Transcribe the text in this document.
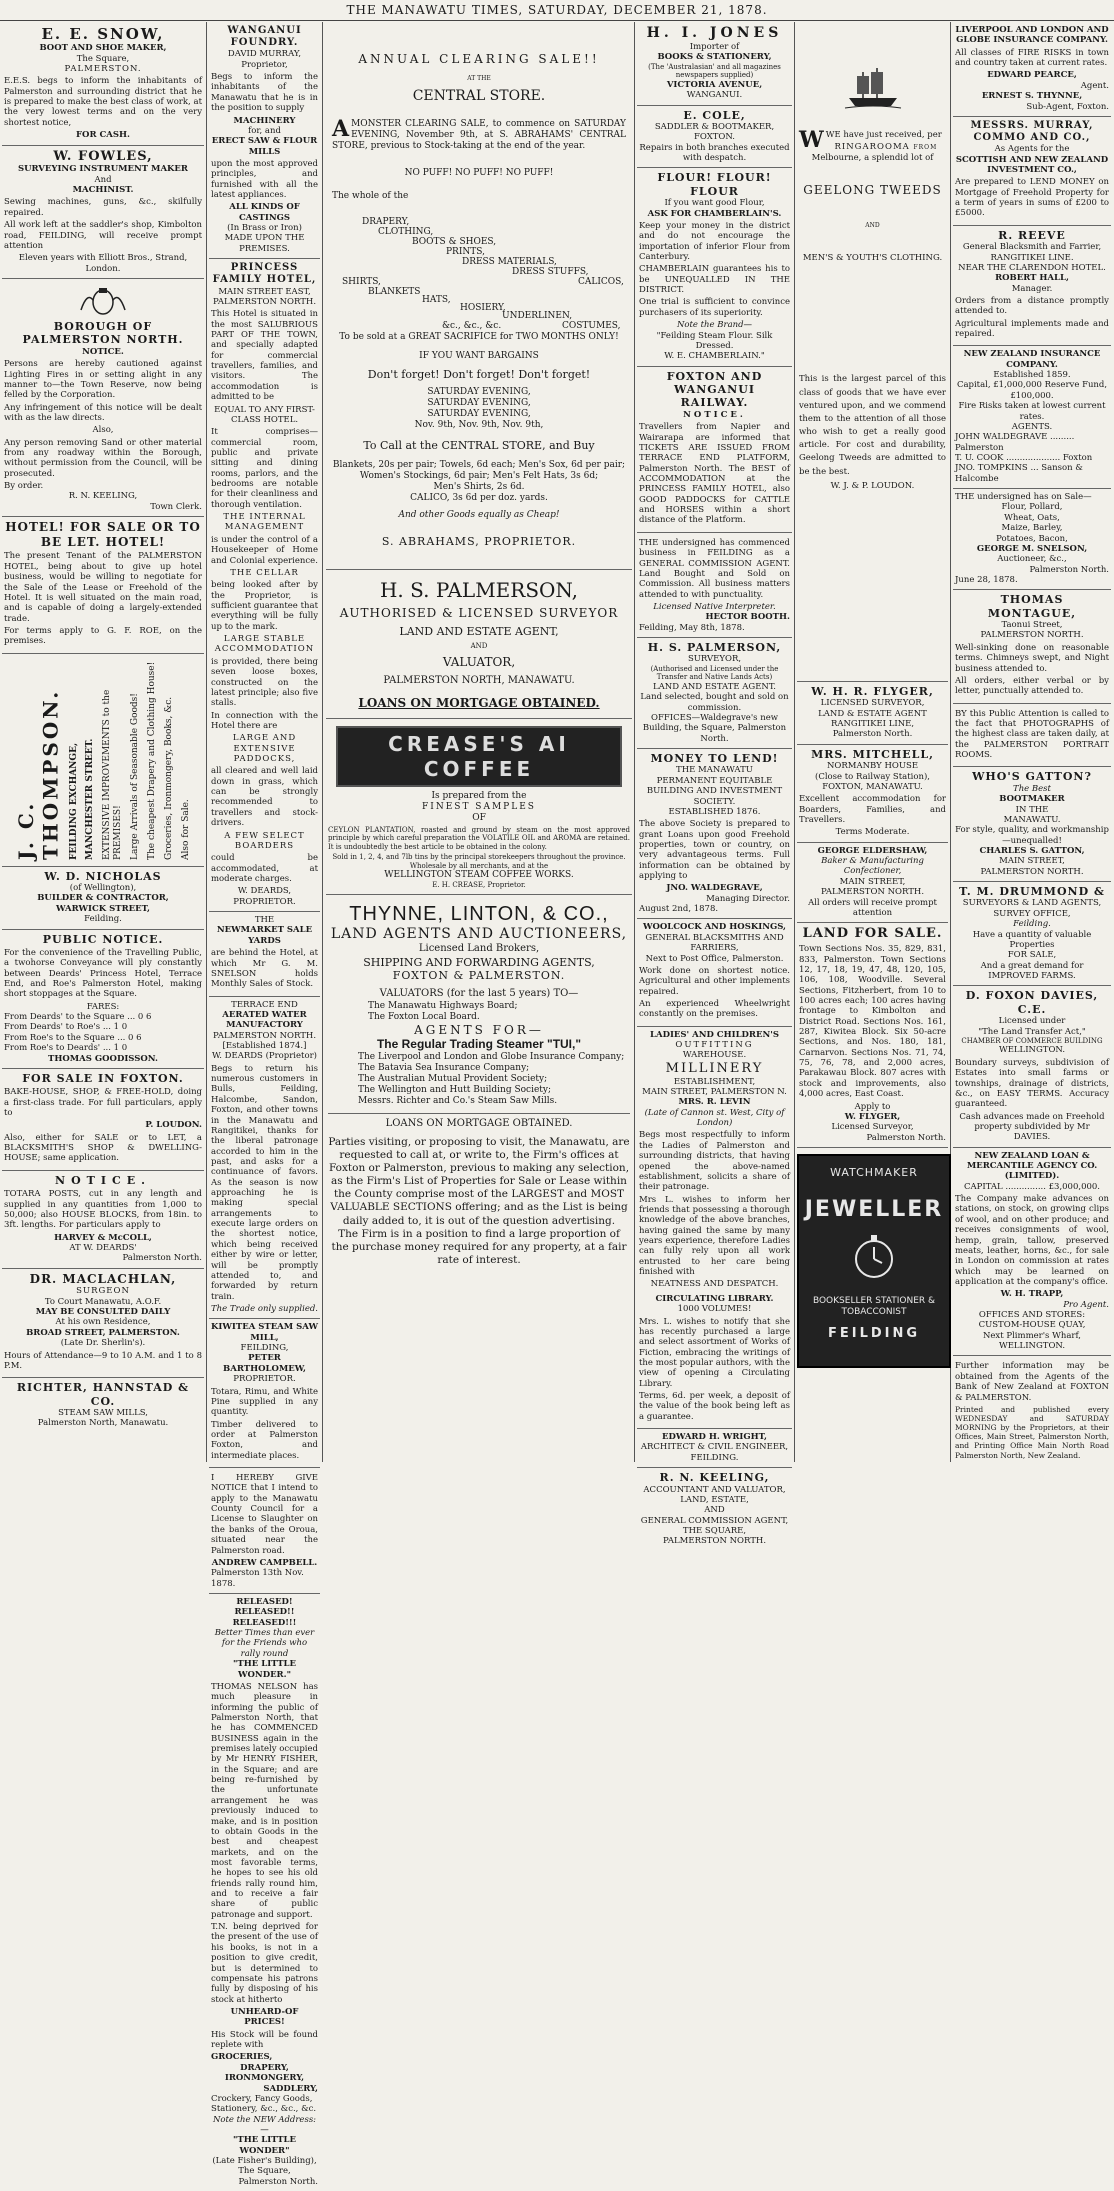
THE MANAWATU TIMES, SATURDAY, DECEMBER 21, 1878.
E. E. SNOW,
BOOT AND SHOE MAKER,
The Square,
PALMERSTON.
E.E.S. begs to inform the inhabitants of Palmerston and surrounding district that he is prepared to make the best class of work, at the very lowest terms and on the very shortest notice,
FOR CASH.
W. FOWLES,
SURVEYING INSTRUMENT MAKER
And
MACHINIST.
Sewing machines, guns, &c., skilfully repaired.
All work left at the saddler's shop, Kimbolton road, FEILDING, will receive prompt attention
Eleven years with Elliott Bros., Strand, London.
BOROUGH OF PALMERSTON NORTH.
NOTICE.
Persons are hereby cautioned against Lighting Fires in or setting alight in any manner to—the Town Reserve, now being felled by the Corporation.
Any infringement of this notice will be dealt with as the law directs.
Also,
Any person removing Sand or other material from any roadway within the Borough, without permission from the Council, will be prosecuted.
By order.
R. N. KEELING,
Town Clerk.
HOTEL! FOR SALE OR TO BE LET. HOTEL!
The present Tenant of the PALMERSTON HOTEL, being about to give up hotel business, would be willing to negotiate for the Sale of the Lease or Freehold of the Hotel. It is well situated on the main road, and is capable of doing a largely-extended trade.
For terms apply to G. F. ROE, on the premises.
J. C. THOMPSON. FEILDING EXCHANGE, MANCHESTER STREET. EXTENSIVE IMPROVEMENTS to the PREMISES! Large Arrivals of Seasonable Goods! The cheapest Drapery and Clothing House! Groceries, Ironmongery, Books, &c. Also for Sale.
W. D. NICHOLAS
(of Wellington),
BUILDER & CONTRACTOR,
WARWICK STREET,
Feilding.
PUBLIC NOTICE.
For the convenience of the Travelling Public, a twohorse Conveyance will ply constantly between Deards' Princess Hotel, Terrace End, and Roe's Palmerston Hotel, making short stoppages at the Square.
FARES:
From Deards' to the Square ... 0 6
From Deards' to Roe's ... 1 0
From Roe's to the Square ... 0 6
From Roe's to Deards' ... 1 0
THOMAS GOODISSON.
FOR SALE IN FOXTON.
BAKE-HOUSE, SHOP, & FREE-HOLD, doing a first-class trade. For full particulars, apply to
P. LOUDON.
Also, either for SALE or to LET, a BLACKSMITH'S SHOP & DWELLING-HOUSE; same application.
NOTICE.
TOTARA POSTS, cut in any length and supplied in any quantities from 1,000 to 50,000; also HOUSE BLOCKS, from 18in. to 3ft. lengths. For particulars apply to
HARVEY & McCOLL,
AT W. DEARDS'
Palmerston North.
DR. MACLACHLAN,
SURGEON
To Court Manawatu, A.O.F.
MAY BE CONSULTED DAILY
At his own Residence,
BROAD STREET, PALMERSTON.
(Late Dr. Sherlin's).
Hours of Attendance—9 to 10 A.M. and 1 to 8 P.M.
RICHTER, HANNSTAD & CO.
STEAM SAW MILLS,
Palmerston North, Manawatu.
WANGANUI FOUNDRY.
DAVID MURRAY,
Proprietor,
Begs to inform the inhabitants of the Manawatu that he is in the position to supply
MACHINERY
for, and
ERECT SAW & FLOUR MILLS
upon the most approved principles, and furnished with all the latest appliances.
ALL KINDS OF CASTINGS
(In Brass or Iron)
MADE UPON THE PREMISES.
PRINCESS FAMILY HOTEL,
MAIN STREET EAST,
PALMERSTON NORTH.
This Hotel is situated in the most SALUBRIOUS PART OF THE TOWN, and specially adapted for commercial travellers, families, and visitors. The accommodation is admitted to be
EQUAL TO ANY FIRST-CLASS HOTEL.
It comprises—commercial room, public and private sitting and dining rooms, parlors, and the bedrooms are notable for their cleanliness and thorough ventilation.
THE INTERNAL MANAGEMENT
is under the control of a Housekeeper of Home and Colonial experience.
THE CELLAR
being looked after by the Proprietor, is sufficient guarantee that everything will be fully up to the mark.
LARGE STABLE ACCOMMODATION
is provided, there being seven loose boxes, constructed on the latest principle; also five stalls.
In connection with the Hotel there are
LARGE AND EXTENSIVE PADDOCKS,
all cleared and well laid down in grass, which can be strongly recommended to travellers and stock-drivers.
A FEW SELECT BOARDERS
could be accommodated, at moderate charges.
W. DEARDS, PROPRIETOR.
THE
NEWMARKET SALE YARDS
are behind the Hotel, at which Mr G. M. SNELSON holds Monthly Sales of Stock.
TERRACE END
AERATED WATER MANUFACTORY
PALMERSTON NORTH.
[Established 1874.]
W. DEARDS (Proprietor)
Begs to return his numerous customers in Bulls, Feilding, Halcombe, Sandon, Foxton, and other towns in the Manawatu and Rangitikei, thanks for the liberal patronage accorded to him in the past, and asks for a continuance of favors. As the season is now approaching he is making special arrangements to execute large orders on the shortest notice, which being received either by wire or letter, will be promptly attended to, and forwarded by return train.
The Trade only supplied.
KIWITEA STEAM SAW MILL,
FEILDING,
PETER BARTHOLOMEW,
PROPRIETOR.
Totara, Rimu, and White Pine supplied in any quantity.
Timber delivered to order at Palmerston Foxton, and intermediate places.
I HEREBY GIVE NOTICE that I intend to apply to the Manawatu County Council for a License to Slaughter on the banks of the Oroua, situated near the Palmerston road.
ANDREW CAMPBELL.
Palmerston 13th Nov. 1878.
RELEASED! RELEASED!! RELEASED!!!
Better Times than ever for the Friends who rally round
"THE LITTLE WONDER."
THOMAS NELSON has much pleasure in informing the public of Palmerston North, that he has COMMENCED BUSINESS again in the premises lately occupied by Mr HENRY FISHER, in the Square; and are being re-furnished by the unfortunate arrangement he was previously induced to make, and is in position to obtain Goods in the best and cheapest markets, and on the most favorable terms, he hopes to see his old friends rally round him, and to receive a fair share of public patronage and support.
T.N. being deprived for the present of the use of his books, is not in a position to give credit, but is determined to compensate his patrons fully by disposing of his stock at hitherto
UNHEARD-OF PRICES!
His Stock will be found replete with
GROCERIES,
DRAPERY,
IRONMONGERY,
SADDLERY,
Crockery, Fancy Goods, Stationery, &c., &c., &c.
Note the NEW Address:—
"THE LITTLE WONDER"
(Late Fisher's Building),
The Square,
Palmerston North.
ANNUAL CLEARING SALE!!
AT THE
CENTRAL STORE.
AMONSTER CLEARING SALE, to commence on SATURDAY EVENING, November 9th, at S. ABRAHAMS' CENTRAL STORE, previous to Stock-taking at the end of the year.
NO PUFF! NO PUFF! NO PUFF!
The whole of the
DRAPERY,
CLOTHING,
BOOTS & SHOES,
PRINTS,
DRESS MATERIALS,
DRESS STUFFS,
SHIRTS,	CALICOS,
BLANKETS
HATS,
HOSIERY,
UNDERLINEN,
&c., &c., &c.	COSTUMES,
To be sold at a GREAT SACRIFICE for TWO MONTHS ONLY!
IF YOU WANT BARGAINS
Don't forget! Don't forget! Don't forget!
SATURDAY EVENING,
SATURDAY EVENING,
SATURDAY EVENING,
Nov. 9th, Nov. 9th, Nov. 9th,
To Call at the CENTRAL STORE, and Buy
Blankets, 20s per pair; Towels, 6d each; Men's Sox, 6d per pair; Women's Stockings, 6d pair; Men's Felt Hats, 3s 6d;
Men's Shirts, 2s 6d.
CALICO, 3s 6d per doz. yards.
And other Goods equally as Cheap!
S. ABRAHAMS, PROPRIETOR.
H. S. PALMERSON,
AUTHORISED & LICENSED SURVEYOR
LAND AND ESTATE AGENT,
AND
VALUATOR,
PALMERSTON NORTH, MANAWATU.
LOANS ON MORTGAGE OBTAINED.
CREASE'S AI COFFEE
Is prepared from the
FINEST SAMPLES
OF
CEYLON PLANTATION, roasted and ground by steam on the most approved principle by which careful preparation the VOLATILE OIL and AROMA are retained. It is undoubtedly the best article to be obtained in the colony.
Sold in 1, 2, 4, and 7lb tins by the principal storekeepers throughout the province. Wholesale by all merchants, and at the
WELLINGTON STEAM COFFEE WORKS.
E. H. CREASE, Proprietor.
THYNNE, LINTON, & CO.,
LAND AGENTS AND AUCTIONEERS,
Licensed Land Brokers,
SHIPPING AND FORWARDING AGENTS,
FOXTON & PALMERSTON.
VALUATORS (for the last 5 years) TO—
The Manawatu Highways Board;
The Foxton Local Board.
AGENTS FOR—
The Regular Trading Steamer "TUI,"
The Liverpool and London and Globe Insurance Company;
The Batavia Sea Insurance Company;
The Australian Mutual Provident Society;
The Wellington and Hutt Building Society;
Messrs. Richter and Co.'s Steam Saw Mills.
LOANS ON MORTGAGE OBTAINED.
Parties visiting, or proposing to visit, the Manawatu, are requested to call at, or write to, the Firm's offices at Foxton or Palmerston, previous to making any selection, as the Firm's List of Properties for Sale or Lease within the County comprise most of the LARGEST and MOST VALUABLE SECTIONS offering; and as the List is being daily added to, it is out of the question advertising.
The Firm is in a position to find a large proportion of the purchase money required for any property, at a fair rate of interest.
H. I. JONES
Importer of
BOOKS & STATIONERY,
(The 'Australasian' and all magazines newspapers supplied)
VICTORIA AVENUE,
WANGANUI.
E. COLE,
SADDLER & BOOTMAKER,
FOXTON.
Repairs in both branches executed with despatch.
FLOUR! FLOUR! FLOUR
If you want good Flour,
ASK FOR CHAMBERLAIN'S.
Keep your money in the district and do not encourage the importation of inferior Flour from Canterbury.
CHAMBERLAIN guarantees his to be UNEQUALLED IN THE DISTRICT.
One trial is sufficient to convince purchasers of its superiority.
Note the Brand—
"Feilding Steam Flour. Silk Dressed.
W. E. CHAMBERLAIN."
FOXTON AND WANGANUI RAILWAY.
NOTICE.
Travellers from Napier and Wairarapa are informed that TICKETS ARE ISSUED FROM TERRACE END PLATFORM, Palmerston North. The BEST of ACCOMMODATION at the PRINCESS FAMILY HOTEL, also GOOD PADDOCKS for CATTLE and HORSES within a short distance of the Platform.
THE undersigned has commenced business in FEILDING as a GENERAL COMMISSION AGENT. Land Bought and Sold on Commission. All business matters attended to with punctuality.
Licensed Native Interpreter.
HECTOR BOOTH.
Feilding, May 8th, 1878.
H. S. PALMERSON,
SURVEYOR,
(Authorised and Licensed under the Transfer and Native Lands Acts)
LAND AND ESTATE AGENT.
Land selected, bought and sold on commission.
OFFICES—Waldegrave's new Building, the Square, Palmerston North.
MONEY TO LEND!
THE MANAWATU
PERMANENT EQUITABLE BUILDING AND INVESTMENT SOCIETY.
ESTABLISHED 1876.
The above Society is prepared to grant Loans upon good Freehold properties, town or country, on very advantageous terms. Full information can be obtained by applying to
JNO. WALDEGRAVE,
Managing Director.
August 2nd, 1878.
WOOLCOCK AND HOSKINGS,
GENERAL BLACKSMITHS AND FARRIERS,
Next to Post Office, Palmerston.
Work done on shortest notice. Agricultural and other implements repaired.
An experienced Wheelwright constantly on the premises.
LADIES' AND CHILDREN'S
OUTFITTING
WAREHOUSE.
MILLINERY
ESTABLISHMENT,
MAIN STREET, PALMERSTON N.
MRS. R. LEVIN
(Late of Cannon st. West, City of London)
Begs most respectfully to inform the Ladies of Palmerston and surrounding districts, that having opened the above-named establishment, solicits a share of their patronage.
Mrs L. wishes to inform her friends that possessing a thorough knowledge of the above branches, having gained the same by many years experience, therefore Ladies can fully rely upon all work entrusted to her care being finished with
NEATNESS AND DESPATCH.
CIRCULATING LIBRARY.
1000 VOLUMES!
Mrs. L. wishes to notify that she has recently purchased a large and select assortment of Works of Fiction, embracing the writings of the most popular authors, with the view of opening a Circulating Library.
Terms, 6d. per week, a deposit of the value of the book being left as a guarantee.
EDWARD H. WRIGHT,
ARCHITECT & CIVIL ENGINEER,
FEILDING.
R. N. KEELING,
ACCOUNTANT AND VALUATOR,
LAND, ESTATE,
AND
GENERAL COMMISSION AGENT,
THE SQUARE,
PALMERSTON NORTH.
WWE have just received, per
RINGAROOMA from
Melbourne, a splendid lot of
GEELONG TWEEDS
AND
MEN'S & YOUTH'S CLOTHING.
This is the largest parcel of this class of goods that we have ever ventured upon, and we commend them to the attention of all those who wish to get a really good article. For cost and durability, Geelong Tweeds are admitted to be the best.
W. J. & P. LOUDON.
W. H. R. FLYGER,
LICENSED SURVEYOR,
LAND & ESTATE AGENT
RANGITIKEI LINE,
Palmerston North.
MRS. MITCHELL,
NORMANBY HOUSE
(Close to Railway Station),
FOXTON, MANAWATU.
Excellent accommodation for Boarders, Families, and Travellers.
Terms Moderate.
GEORGE ELDERSHAW,
Baker & Manufacturing Confectioner,
MAIN STREET,
PALMERSTON NORTH.
All orders will receive prompt attention
LAND FOR SALE.
Town Sections Nos. 35, 829, 831, 833, Palmerston. Town Sections 12, 17, 18, 19, 47, 48, 120, 105, 106, 108, Woodville. Several Sections, Fitzherbert, from 10 to 100 acres each; 100 acres having frontage to Kimbolton and District Road. Sections Nos. 161, 287, Kiwitea Block. Six 50-acre Sections, and Nos. 180, 181, Carnarvon. Sections Nos. 71, 74, 75, 76, 78, and 2,000 acres, Parakawau Block. 807 acres with stock and improvements, also 4,000 acres, East Coast.
Apply to
W. FLYGER,
Licensed Surveyor,
Palmerston North.
WATCHMAKER
JEWELLER
BOOKSELLER STATIONER & TOBACCONIST
FEILDING
LIVERPOOL AND LONDON AND GLOBE INSURANCE COMPANY.
All classes of FIRE RISKS in town and country taken at current rates.
EDWARD PEARCE,
Agent.
ERNEST S. THYNNE,
Sub-Agent, Foxton.
MESSRS. MURRAY, COMMO AND CO.,
As Agents for the
SCOTTISH AND NEW ZEALAND INVESTMENT CO.,
Are prepared to LEND MONEY on Mortgage of Freehold Property for a term of years in sums of £200 to £5000.
R. REEVE
General Blacksmith and Farrier,
RANGITIKEI LINE.
NEAR THE CLARENDON HOTEL.
ROBERT HALL,
Manager.
Orders from a distance promptly attended to.
Agricultural implements made and repaired.
NEW ZEALAND INSURANCE COMPANY.
Established 1859.
Capital, £1,000,000 Reserve Fund, £100,000.
Fire Risks taken at lowest current rates.
AGENTS.
JOHN WALDEGRAVE ......... Palmerston
T. U. COOK .................... Foxton
JNO. TOMPKINS ... Sanson & Halcombe
THE undersigned has on Sale—
Flour, Pollard,
Wheat, Oats,
Maize, Barley,
Potatoes, Bacon,
GEORGE M. SNELSON,
Auctioneer, &c.,
Palmerston North.
June 28, 1878.
THOMAS MONTAGUE,
Taonui Street,
PALMERSTON NORTH.
Well-sinking done on reasonable terms. Chimneys swept, and Night business attended to.
All orders, either verbal or by letter, punctually attended to.
BY this Public Attention is called to the fact that PHOTOGRAPHS of the highest class are taken daily, at the PALMERSTON PORTRAIT ROOMS.
WHO'S GATTON?
The Best
BOOTMAKER
IN THE
MANAWATU.
For style, quality, and workmanship—unequalled!
CHARLES S. GATTON,
MAIN STREET,
PALMERSTON NORTH.
T. M. DRUMMOND &
SURVEYORS & LAND AGENTS,
SURVEY OFFICE,
Feilding.
Have a quantity of valuable Properties
FOR SALE,
And a great demand for
IMPROVED FARMS.
D. FOXON DAVIES, C.E.
Licensed under
"The Land Transfer Act,"
CHAMBER OF COMMERCE BUILDING
WELLINGTON.
Boundary surveys, subdivision of Estates into small farms or townships, drainage of districts, &c., on EASY TERMS. Accuracy guaranteed.
Cash advances made on Freehold property subdivided by Mr DAVIES.
NEW ZEALAND LOAN & MERCANTILE AGENCY CO. (LIMITED).
CAPITAL ............... £3,000,000.
The Company make advances on stations, on stock, on growing clips of wool, and on other produce; and receives consignments of wool, hemp, grain, tallow, preserved meats, leather, horns, &c., for sale in London on commission at rates which may be learned on application at the company's office.
W. H. TRAPP,
Pro Agent.
OFFICES AND STORES:
CUSTOM-HOUSE QUAY,
Next Plimmer's Wharf,
WELLINGTON.
Further information may be obtained from the Agents of the Bank of New Zealand at FOXTON & PALMERSTON.
Printed and published every WEDNESDAY and SATURDAY MORNING by the Proprietors, at their Offices, Main Street, Palmerston North, and Printing Office Main North Road Palmerston North, New Zealand.
